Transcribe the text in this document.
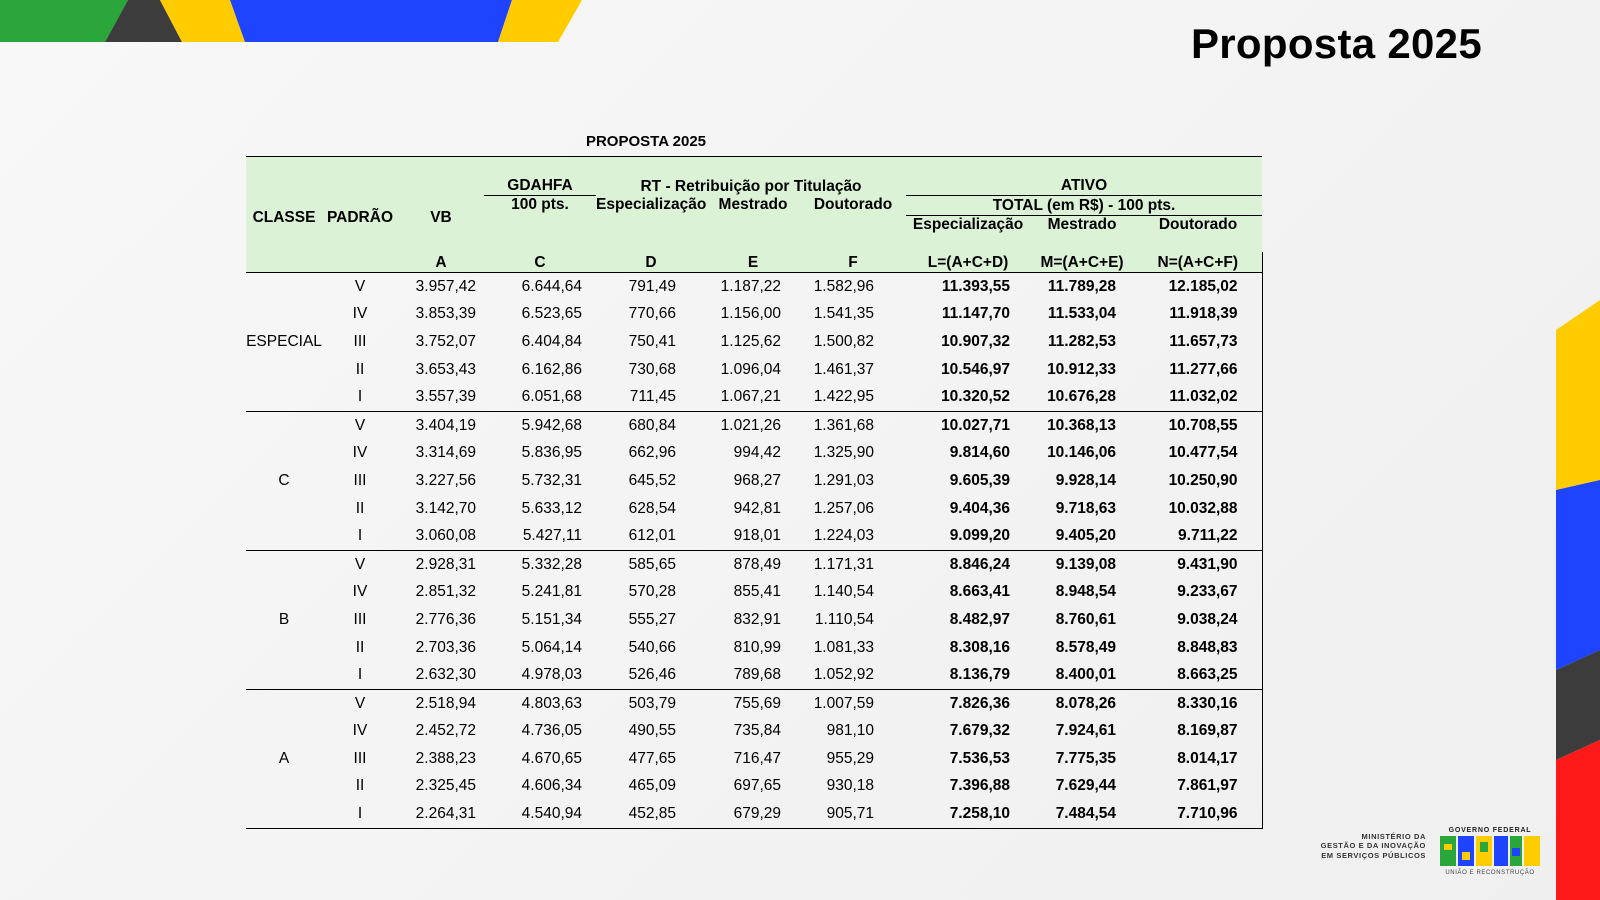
Proposta 2025
PROPOSTA 2025
CLASSE	PADRÃO	VB	GDAHFA	RT - Retribuição por Titulação			ATIVO		
			100 pts.	Especialização	Mestrado	Doutorado	TOTAL (em R$) - 100 pts.		
							Especialização	Mestrado	Doutorado
		A	C	D	E	F	L=(A+C+D)	M=(A+C+E)	N=(A+C+F)
ESPECIAL	V	3.957,42	6.644,64	791,49	1.187,22	1.582,96	11.393,55	11.789,28	12.185,02
	IV	3.853,39	6.523,65	770,66	1.156,00	1.541,35	11.147,70	11.533,04	11.918,39
	III	3.752,07	6.404,84	750,41	1.125,62	1.500,82	10.907,32	11.282,53	11.657,73
	II	3.653,43	6.162,86	730,68	1.096,04	1.461,37	10.546,97	10.912,33	11.277,66
	I	3.557,39	6.051,68	711,45	1.067,21	1.422,95	10.320,52	10.676,28	11.032,02
C	V	3.404,19	5.942,68	680,84	1.021,26	1.361,68	10.027,71	10.368,13	10.708,55
	IV	3.314,69	5.836,95	662,96	994,42	1.325,90	9.814,60	10.146,06	10.477,54
	III	3.227,56	5.732,31	645,52	968,27	1.291,03	9.605,39	9.928,14	10.250,90
	II	3.142,70	5.633,12	628,54	942,81	1.257,06	9.404,36	9.718,63	10.032,88
	I	3.060,08	5.427,11	612,01	918,01	1.224,03	9.099,20	9.405,20	9.711,22
B	V	2.928,31	5.332,28	585,65	878,49	1.171,31	8.846,24	9.139,08	9.431,90
	IV	2.851,32	5.241,81	570,28	855,41	1.140,54	8.663,41	8.948,54	9.233,67
	III	2.776,36	5.151,34	555,27	832,91	1.110,54	8.482,97	8.760,61	9.038,24
	II	2.703,36	5.064,14	540,66	810,99	1.081,33	8.308,16	8.578,49	8.848,83
	I	2.632,30	4.978,03	526,46	789,68	1.052,92	8.136,79	8.400,01	8.663,25
A	V	2.518,94	4.803,63	503,79	755,69	1.007,59	7.826,36	8.078,26	8.330,16
	IV	2.452,72	4.736,05	490,55	735,84	981,10	7.679,32	7.924,61	8.169,87
	III	2.388,23	4.670,65	477,65	716,47	955,29	7.536,53	7.775,35	8.014,17
	II	2.325,45	4.606,34	465,09	697,65	930,18	7.396,88	7.629,44	7.861,97
	I	2.264,31	4.540,94	452,85	679,29	905,71	7.258,10	7.484,54	7.710,96
MINISTÉRIO DA
GESTÃO E DA INOVAÇÃO
EM SERVIÇOS PÚBLICOS
GOVERNO FEDERAL
UNIÃO E RECONSTRUÇÃO
